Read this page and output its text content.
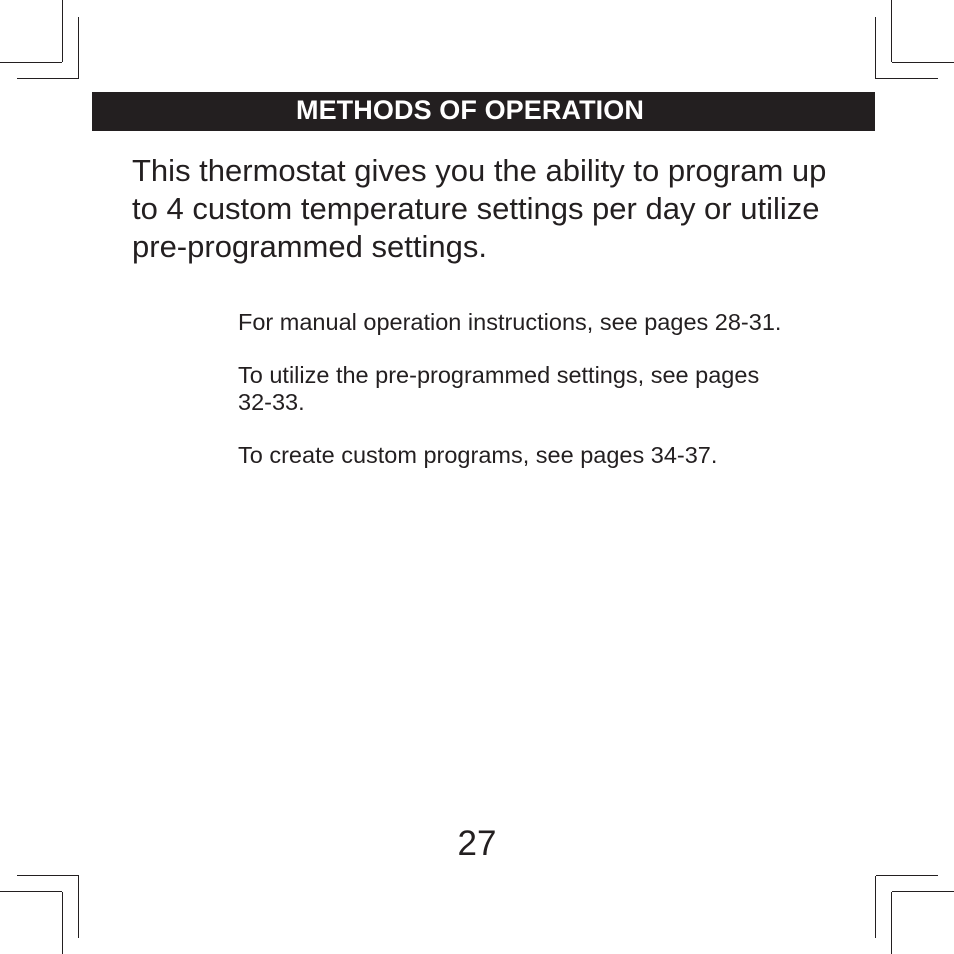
METHODS OF OPERATION

This thermostat gives you the ability to program up to 4 custom temperature settings per day or utilize pre-programmed settings.

For manual operation instructions, see pages 28-31.
To utilize the pre-programmed settings, see pages 32-33.
To create custom programs, see pages 34-37.
27
